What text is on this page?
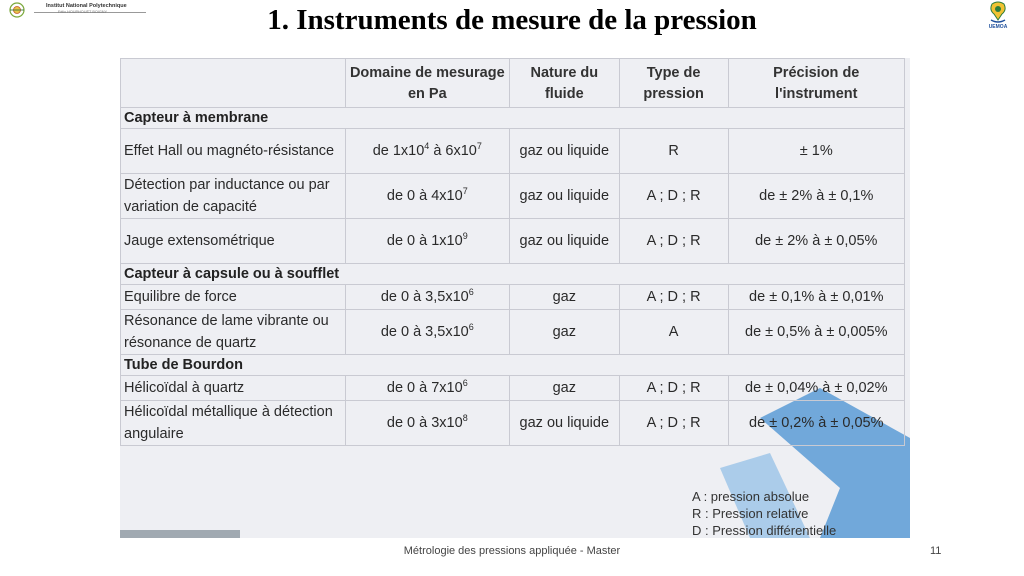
Institut National Polytechnique
Félix HOUPHOUËT BOIGNY	1. Instruments de mesure de la pression	UEMOA
	Domaine de mesurage en Pa	Nature du fluide	Type de pression	Précision de l'instrument
Capteur à membrane				
Effet Hall ou magnéto-résistance	de $1x10^4$ à $6x10^7$	gaz ou liquide	R	± 1%
Détection par inductance ou par variation de capacité	de 0 à $4x10^7$	gaz ou liquide	A ; D ; R	de ± 2% à ± 0,1%
Jauge extensométrique	de 0 à $1x10^9$	gaz ou liquide	A ; D ; R	de ± 2% à ± 0,05%
Capteur à capsule ou à soufflet				
Equilibre de force	de 0 à $3,5x10^6$	gaz	A ; D ; R	de ± 0,1% à ± 0,01%
Résonance de lame vibrante ou résonance de quartz	de 0 à $3,5x10^6$	gaz	A	de ± 0,5% à ± 0,005%
Tube de Bourdon				
Hélicoïdal à quartz	de 0 à $7x10^6$	gaz	A ; D ; R	de ± 0,04% à ± 0,02%
Hélicoïdal métallique à détection angulaire	de 0 à $3x10^8$	gaz ou liquide	A ; D ; R	de ± 0,2% à ± 0,05%
A : pression absolue
R : Pression relative
D : Pression différentielle
Métrologie des pressions appliquée - Master	11
